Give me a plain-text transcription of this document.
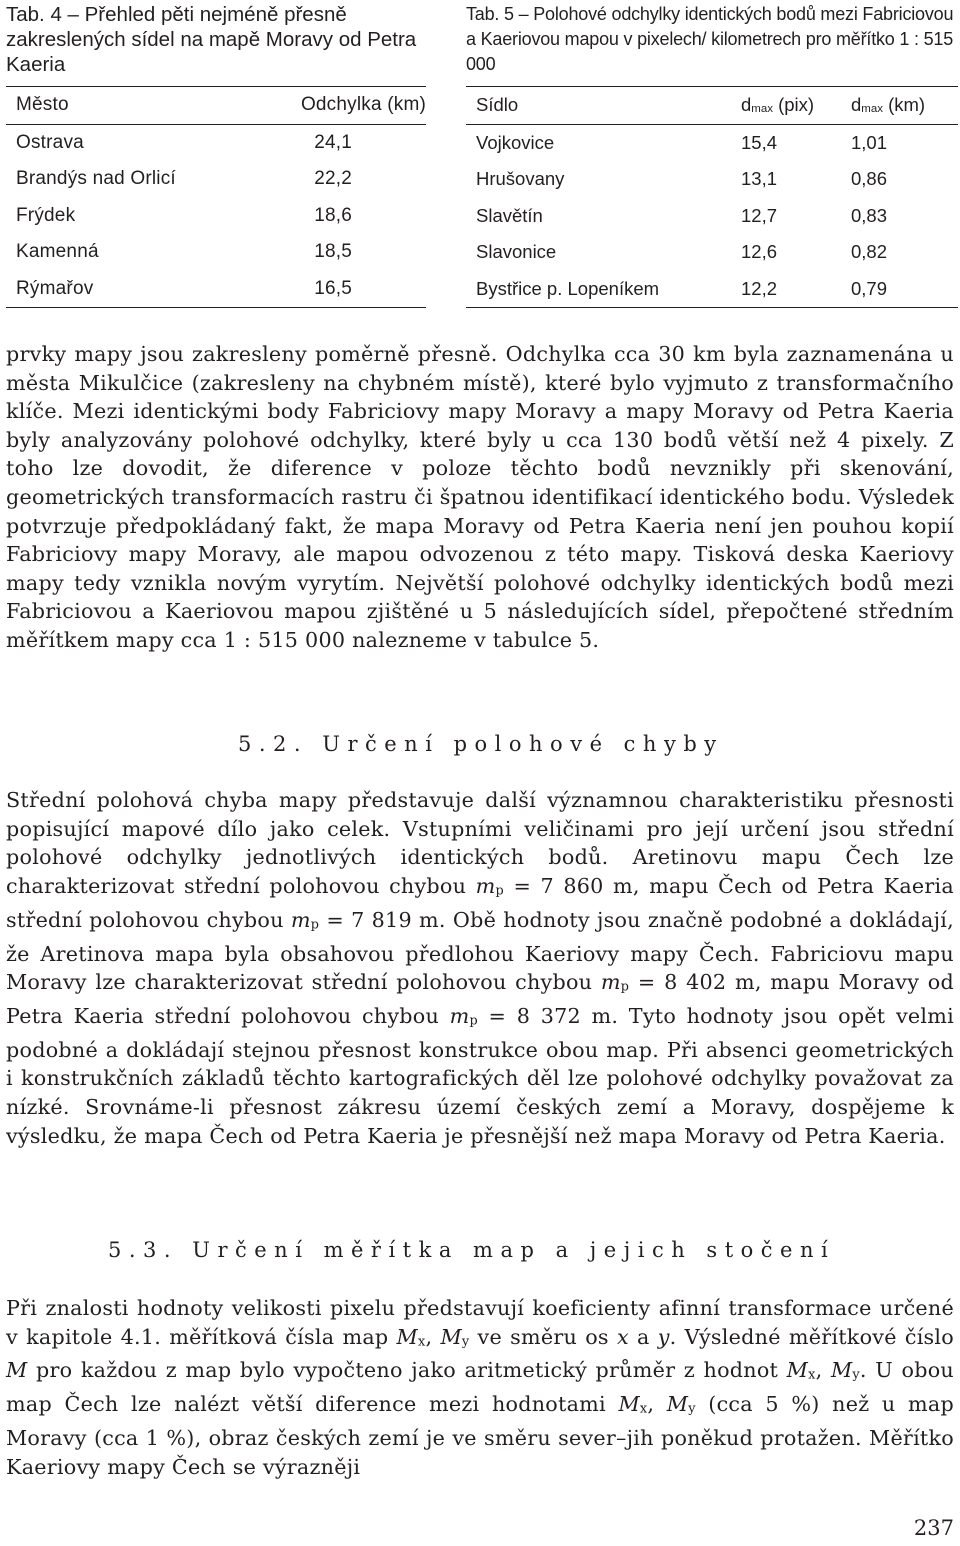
Tab. 4 – Přehled pěti nejméně přesně zakreslených sídel na mapě Moravy od Petra Kaeria
Tab. 5 – Polohové odchylky identických bodů mezi Fabriciovou a Kaeriovou mapou v pixelech/ kilometrech pro měřítko 1 : 515 000
Město	Odchylka (km)
Ostrava	24,1
Brandýs nad Orlicí	22,2
Frýdek	18,6
Kamenná	18,5
Rýmařov	16,5
Sídlo	$d_{max}$ (pix)	$d_{max}$ (km)
Vojkovice	15,4	1,01
Hrušovany	13,1	0,86
Slavětín	12,7	0,83
Slavonice	12,6	0,82
Bystřice p. Lopeníkem	12,2	0,79
prvky mapy jsou zakresleny poměrně přesně. Odchylka cca 30 km byla zaznamenána u města Mikulčice (zakresleny na chybném místě), které bylo vyjmuto z transformačního klíče. Mezi identickými body Fabriciovy mapy Moravy a mapy Moravy od Petra Kaeria byly analyzovány polohové odchylky, které byly u cca 130 bodů větší než 4 pixely. Z toho lze dovodit, že diference v poloze těchto bodů nevznikly při skenování, geometrických transformacích rastru či špatnou identifikací identického bodu. Výsledek potvrzuje předpokládaný fakt, že mapa Moravy od Petra Kaeria není jen pouhou kopií Fabriciovy mapy Moravy, ale mapou odvozenou z této mapy. Tisková deska Kaeriovy mapy tedy vznikla novým vyrytím. Největší polohové odchylky identických bodů mezi Fabriciovou a Kaeriovou mapou zjištěné u 5 následujících sídel, přepočtené středním měřítkem mapy cca 1 : 515 000 nalezneme v tabulce 5.
5.2. Určení polohové chyby
Střední polohová chyba mapy představuje další významnou charakteristiku přesnosti popisující mapové dílo jako celek. Vstupními veličinami pro její určení jsou střední polohové odchylky jednotlivých identických bodů. Aretinovu mapu Čech lze charakterizovat střední polohovou chybou $m_p = 7$ 860 m, mapu Čech od Petra Kaeria střední polohovou chybou $m_p = 7$ 819 m. Obě hodnoty jsou značně podobné a dokládají, že Aretinova mapa byla obsahovou předlohou Kaeriovy mapy Čech. Fabriciovu mapu Moravy lze charakterizovat střední polohovou chybou $m_p = 8$ 402 m, mapu Moravy od Petra Kaeria střední polohovou chybou $m_p = 8$ 372 m. Tyto hodnoty jsou opět velmi podobné a dokládají stejnou přesnost konstrukce obou map. Při absenci geometrických i konstrukčních základů těchto kartografických děl lze polohové odchylky považovat za nízké. Srovnáme-li přesnost zákresu území českých zemí a Moravy, dospějeme k výsledku, že mapa Čech od Petra Kaeria je přesnější než mapa Moravy od Petra Kaeria.
5.3. Určení měřítka map a jejich stočení
Při znalosti hodnoty velikosti pixelu představují koeficienty afinní transformace určené v kapitole 4.1. měřítková čísla map $M_x$, $M_y$ ve směru os x a y. Výsledné měřítkové číslo M pro každou z map bylo vypočteno jako aritmetický průměr z hodnot $M_x$, $M_y$. U obou map Čech lze nalézt větší diference mezi hodnotami $M_x$, $M_y$ (cca 5 %) než u map Moravy (cca 1 %), obraz českých zemí je ve směru sever–jih poněkud protažen. Měřítko Kaeriovy mapy Čech se výrazněji
237
